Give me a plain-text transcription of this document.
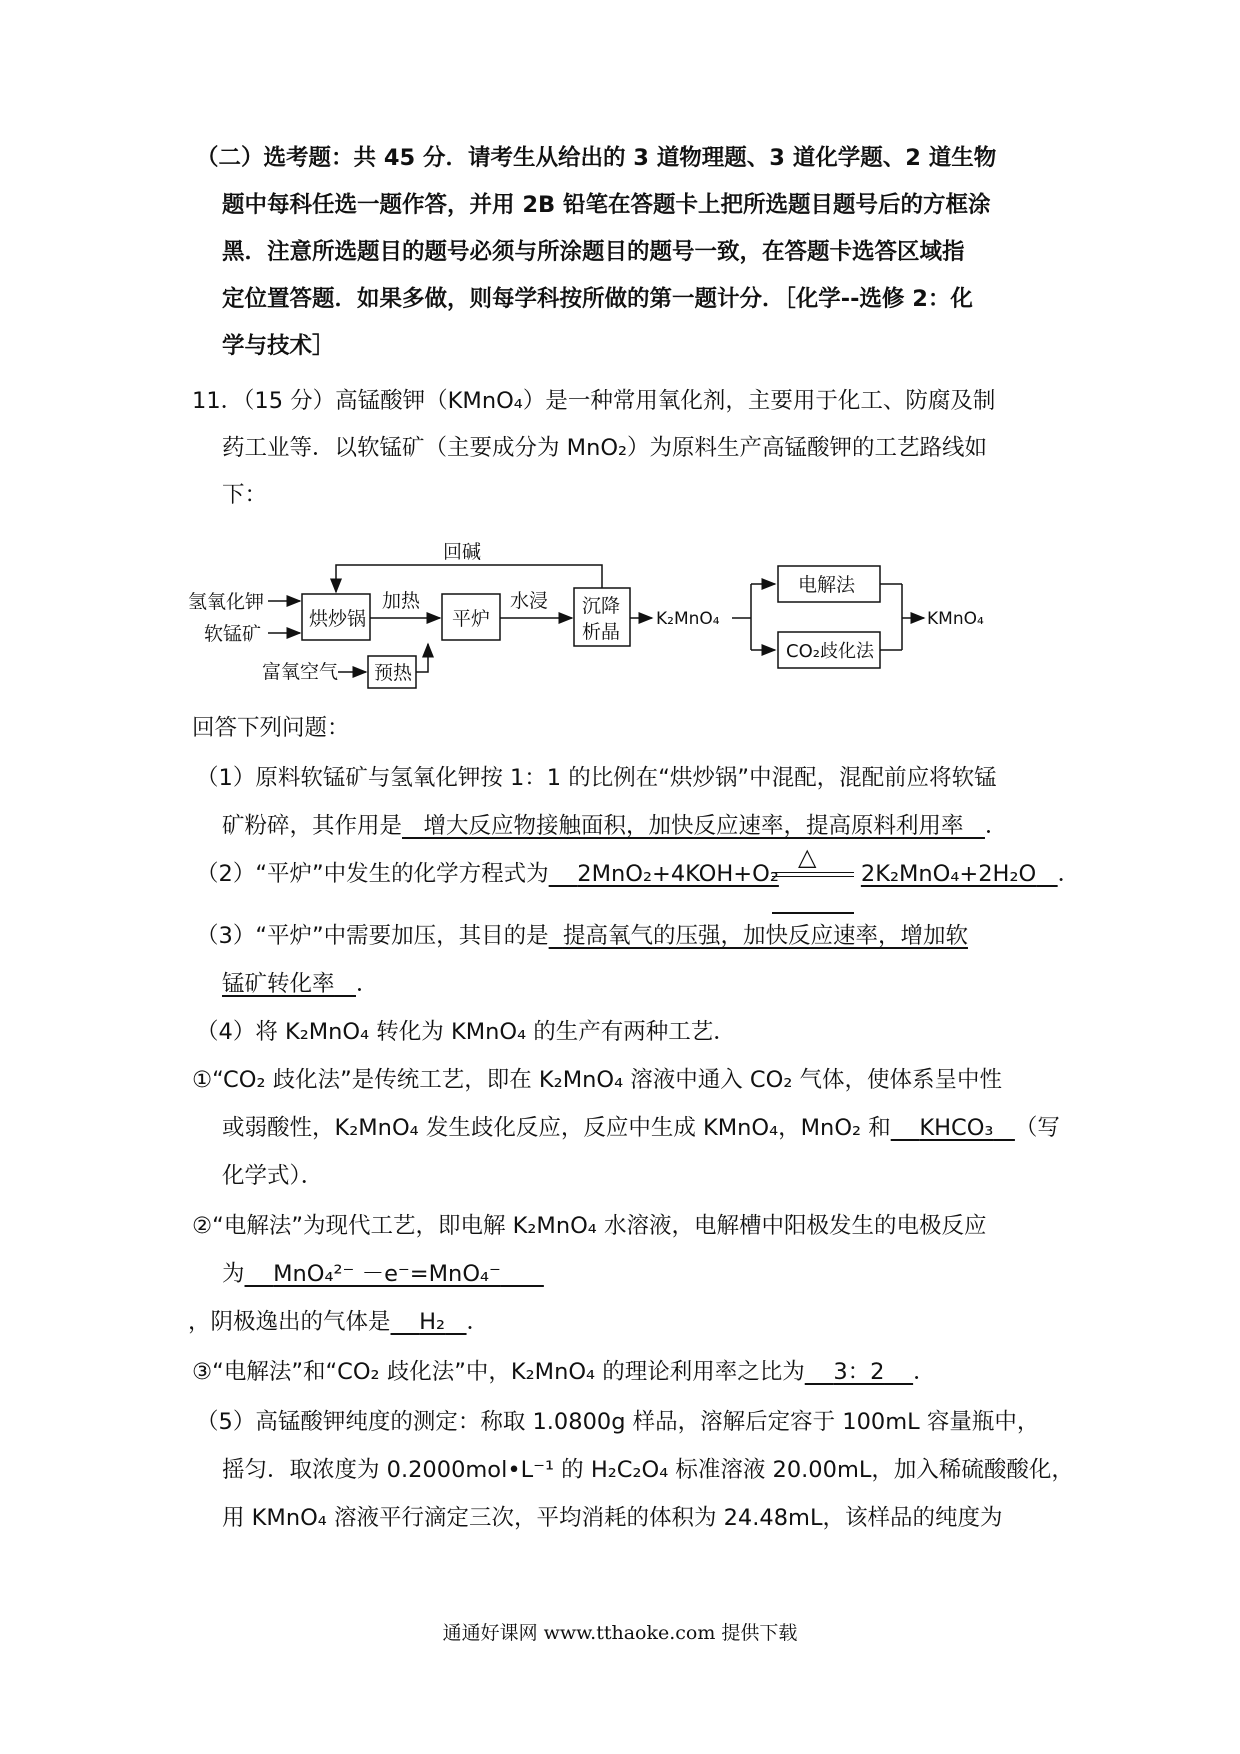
（二）选考题：共 45 分．请考生从给出的 3 道物理题、3 道化学题、2 道生物
题中每科任选一题作答，并用 2B 铅笔在答题卡上把所选题目题号后的方框涂
黑．注意所选题目的题号必须与所涂题目的题号一致，在答题卡选答区域指
定位置答题．如果多做，则每学科按所做的第一题计分．［化学--选修 2：化
学与技术］
11．（15 分）高锰酸钾（KMnO₄）是一种常用氧化剂，主要用于化工、防腐及制
药工业等．以软锰矿（主要成分为 MnO₂）为原料生产高锰酸钾的工艺路线如
下：
氢氧化钾
软锰矿
烘炒锅
加热
平炉
水浸 沉降
析晶
回碱
富氧空气 预热
K₂MnO₄
电解法
CO₂歧化法
KMnO₄
回答下列问题：
（1）原料软锰矿与氢氧化钾按 1：1 的比例在“烘炒锅”中混配，混配前应将软锰
矿粉碎，其作用是 增大反应物接触面积，加快反应速率，提高原料利用率 ．
（2）“平炉”中发生的化学方程式为 2MnO₂+4KOH+O₂	2K₂MnO₄+2H₂O ．
△
（3）“平炉”中需要加压，其目的是 提高氧气的压强，加快反应速率，增加软
锰矿转化率 ．
（4）将 K₂MnO₄ 转化为 KMnO₄ 的生产有两种工艺．
①“CO₂ 歧化法”是传统工艺，即在 K₂MnO₄ 溶液中通入 CO₂ 气体，使体系呈中性
或弱酸性，K₂MnO₄ 发生歧化反应，反应中生成 KMnO₄，MnO₂ 和 KHCO₃ （写
化学式）．
②“电解法”为现代工艺，即电解 K₂MnO₄ 水溶液，电解槽中阳极发生的电极反应
为 MnO₄²⁻ －e⁻=MnO₄⁻
，阴极逸出的气体是 H₂ ．
③“电解法”和“CO₂ 歧化法”中，K₂MnO₄ 的理论利用率之比为 3：2 ．
（5）高锰酸钾纯度的测定：称取 1.0800g 样品，溶解后定容于 100mL 容量瓶中，
摇匀．取浓度为 0.2000mol•L⁻¹ 的 H₂C₂O₄ 标准溶液 20.00mL，加入稀硫酸酸化，
用 KMnO₄ 溶液平行滴定三次，平均消耗的体积为 24.48mL，该样品的纯度为
通通好课网 www.tthaoke.com 提供下载
